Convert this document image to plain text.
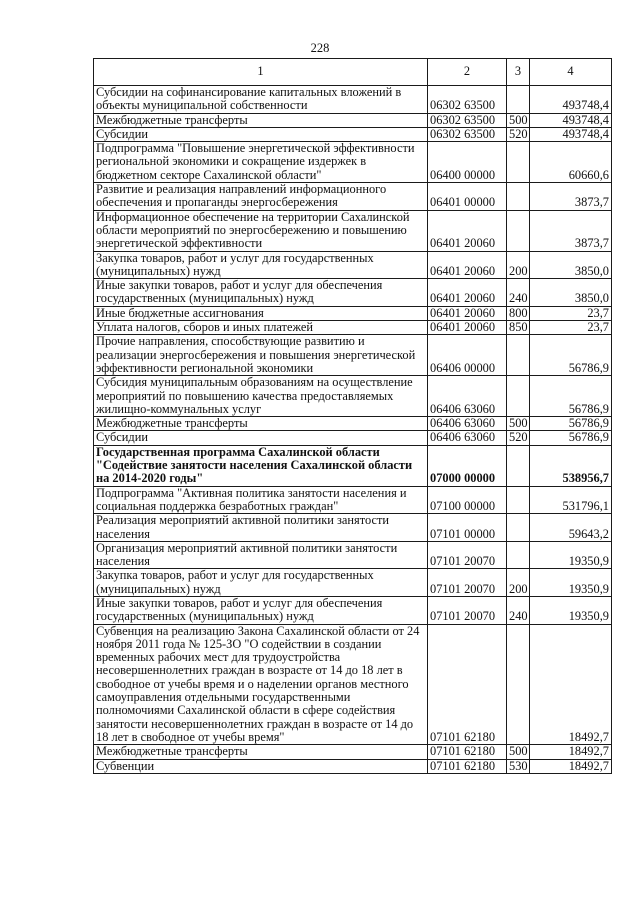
228
1	2	3	4
Субсидии на софинансирование капитальных вложений в объекты муниципальной собственности	06302 63500		493748,4
Межбюджетные трансферты	06302 63500	500	493748,4
Субсидии	06302 63500	520	493748,4
Подпрограмма "Повышение энергетической эффективности региональной экономики и сокращение издержек в бюджетном секторе Сахалинской области"	06400 00000		60660,6
Развитие и реализация направлений информационного обеспечения и пропаганды энергосбережения	06401 00000		3873,7
Информационное обеспечение на территории Сахалинской области мероприятий по энергосбережению и повышению энергетической эффективности	06401 20060		3873,7
Закупка товаров, работ и услуг для государственных (муниципальных) нужд	06401 20060	200	3850,0
Иные закупки товаров, работ и услуг для обеспечения государственных (муниципальных) нужд	06401 20060	240	3850,0
Иные бюджетные ассигнования	06401 20060	800	23,7
Уплата налогов, сборов и иных платежей	06401 20060	850	23,7
Прочие направления, способствующие развитию и реализации энергосбережения и повышения энергетической эффективности региональной экономики	06406 00000		56786,9
Субсидия муниципальным образованиям на осуществление мероприятий по повышению качества предоставляемых жилищно-коммунальных услуг	06406 63060		56786,9
Межбюджетные трансферты	06406 63060	500	56786,9
Субсидии	06406 63060	520	56786,9
Государственная программа Сахалинской области "Содействие занятости населения Сахалинской области на 2014-2020 годы"	07000 00000		538956,7
Подпрограмма "Активная политика занятости населения и социальная поддержка безработных граждан"	07100 00000		531796,1
Реализация мероприятий активной политики занятости населения	07101 00000		59643,2
Организация мероприятий активной политики занятости населения	07101 20070		19350,9
Закупка товаров, работ и услуг для государственных (муниципальных) нужд	07101 20070	200	19350,9
Иные закупки товаров, работ и услуг для обеспечения государственных (муниципальных) нужд	07101 20070	240	19350,9
Субвенция на реализацию Закона Сахалинской области от 24 ноября 2011 года № 125-ЗО "О содействии в создании временных рабочих мест для трудоустройства несовершеннолетних граждан в возрасте от 14 до 18 лет в свободное от учебы время и о наделении органов местного самоуправления отдельными государственными полномочиями Сахалинской области в сфере содействия занятости несовершеннолетних граждан в возрасте от 14 до 18 лет в свободное от учебы время"	07101 62180		18492,7
Межбюджетные трансферты	07101 62180	500	18492,7
Субвенции	07101 62180	530	18492,7
